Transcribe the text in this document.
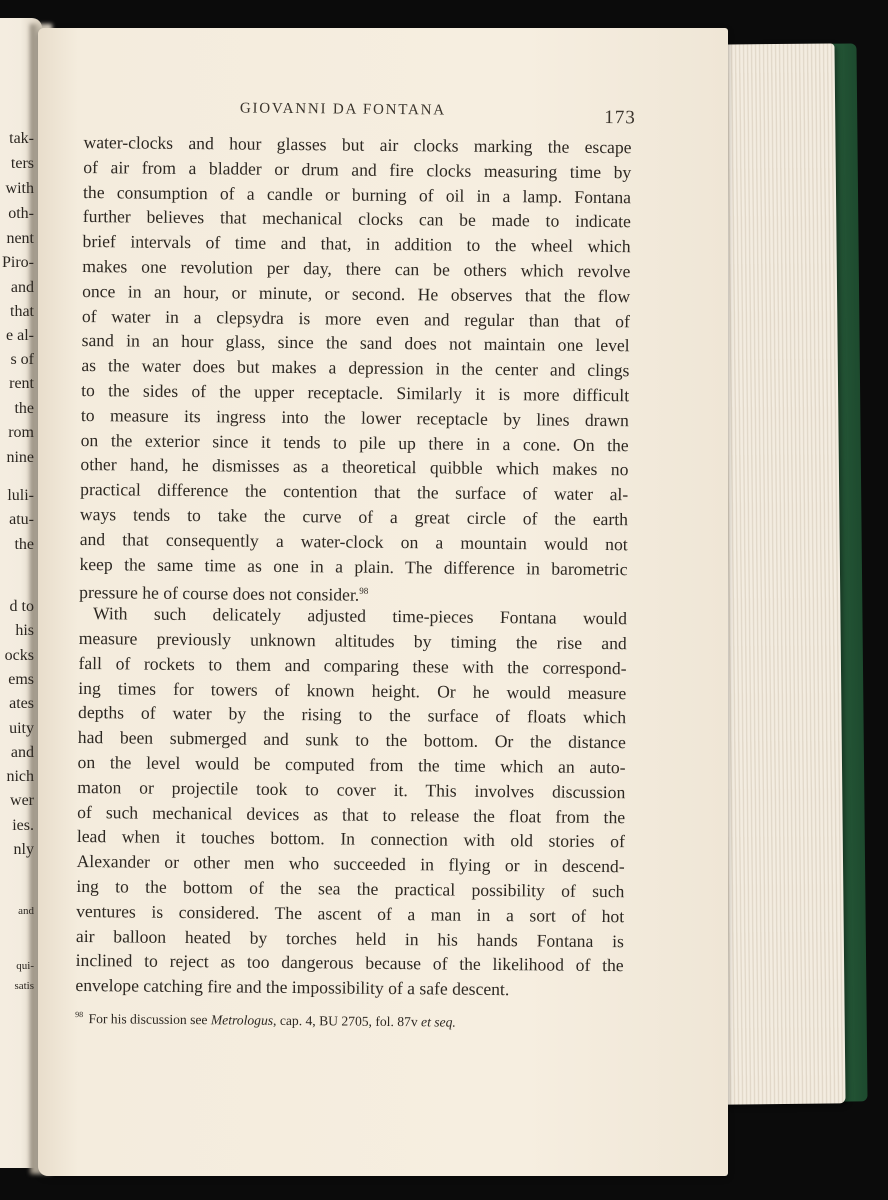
tak-
ters
with
oth-
nent
Piro-
and
that
e al-
s of
rent
the
rom
nine
luli-
atu-
the
d to
his
ocks
ems
ates
uity
and
nich
wer
ies.
nly
and
qui-
satis
GIOVANNI DA FONTANA	173
water-clocks and hour glasses but air clocks marking the escape
of air from a bladder or drum and fire clocks measuring time by
the consumption of a candle or burning of oil in a lamp. Fontana
further believes that mechanical clocks can be made to indicate
brief intervals of time and that, in addition to the wheel which
makes one revolution per day, there can be others which revolve
once in an hour, or minute, or second. He observes that the flow
of water in a clepsydra is more even and regular than that of
sand in an hour glass, since the sand does not maintain one level
as the water does but makes a depression in the center and clings
to the sides of the upper receptacle. Similarly it is more difficult
to measure its ingress into the lower receptacle by lines drawn
on the exterior since it tends to pile up there in a cone. On the
other hand, he dismisses as a theoretical quibble which makes no
practical difference the contention that the surface of water al-
ways tends to take the curve of a great circle of the earth
and that consequently a water-clock on a mountain would not
keep the same time as one in a plain. The difference in barometric
pressure he of course does not consider.$^{98}$
With such delicately adjusted time-pieces Fontana would
measure previously unknown altitudes by timing the rise and
fall of rockets to them and comparing these with the correspond-
ing times for towers of known height. Or he would measure
depths of water by the rising to the surface of floats which
had been submerged and sunk to the bottom. Or the distance
on the level would be computed from the time which an auto-
maton or projectile took to cover it. This involves discussion
of such mechanical devices as that to release the float from the
lead when it touches bottom. In connection with old stories of
Alexander or other men who succeeded in flying or in descend-
ing to the bottom of the sea the practical possibility of such
ventures is considered. The ascent of a man in a sort of hot
air balloon heated by torches held in his hands Fontana is
inclined to reject as too dangerous because of the likelihood of the
envelope catching fire and the impossibility of a safe descent.
$^{98}$ For his discussion see Metrologus, cap. 4, BU 2705, fol. 87v et seq.
